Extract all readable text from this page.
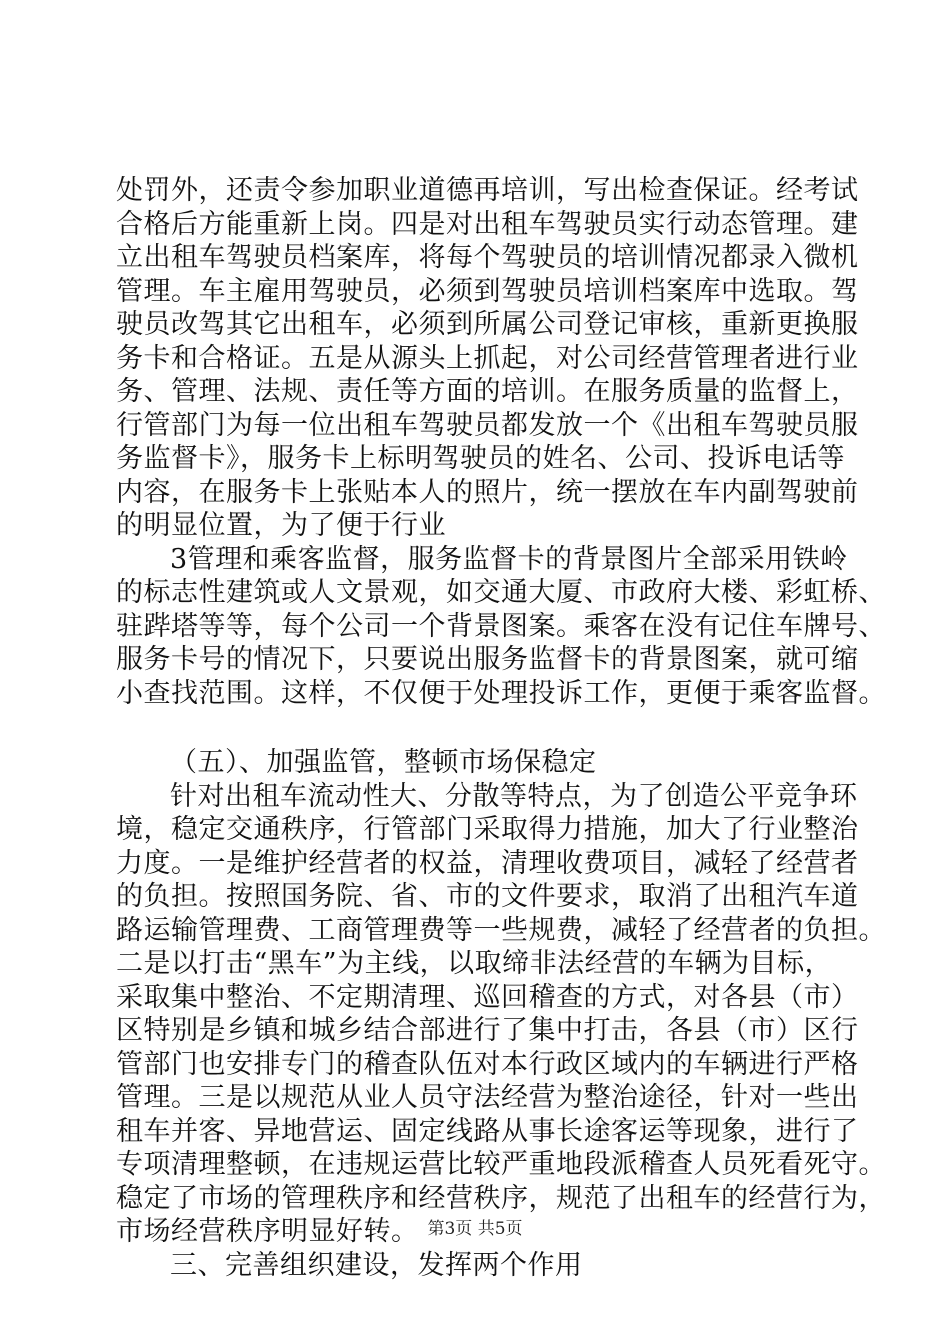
处罚外，还责令参加职业道德再培训，写出检查保证。经考试
合格后方能重新上岗。四是对出租车驾驶员实行动态管理。建
立出租车驾驶员档案库，将每个驾驶员的培训情况都录入微机
管理。车主雇用驾驶员，必须到驾驶员培训档案库中选取。驾
驶员改驾其它出租车，必须到所属公司登记审核，重新更换服
务卡和合格证。五是从源头上抓起，对公司经营管理者进行业
务、管理、法规、责任等方面的培训。在服务质量的监督上，
行管部门为每一位出租车驾驶员都发放一个《出租车驾驶员服
务监督卡》，服务卡上标明驾驶员的姓名、公司、投诉电话等
内容，在服务卡上张贴本人的照片，统一摆放在车内副驾驶前
的明显位置，为了便于行业
3管理和乘客监督，服务监督卡的背景图片全部采用铁岭
的标志性建筑或人文景观，如交通大厦、市政府大楼、彩虹桥、
驻跸塔等等，每个公司一个背景图案。乘客在没有记住车牌号、
服务卡号的情况下，只要说出服务监督卡的背景图案，就可缩
小查找范围。这样，不仅便于处理投诉工作，更便于乘客监督。
（五）、加强监管，整顿市场保稳定
针对出租车流动性大、分散等特点，为了创造公平竞争环
境，稳定交通秩序，行管部门采取得力措施，加大了行业整治
力度。一是维护经营者的权益，清理收费项目，减轻了经营者
的负担。按照国务院、省、市的文件要求，取消了出租汽车道
路运输管理费、工商管理费等一些规费，减轻了经营者的负担。
二是以打击“黑车”为主线，以取缔非法经营的车辆为目标，
采取集中整治、不定期清理、巡回稽查的方式，对各县（市）
区特别是乡镇和城乡结合部进行了集中打击，各县（市）区行
管部门也安排专门的稽查队伍对本行政区域内的车辆进行严格
管理。三是以规范从业人员守法经营为整治途径，针对一些出
租车并客、异地营运、固定线路从事长途客运等现象，进行了
专项清理整顿，在违规运营比较严重地段派稽查人员死看死守。
稳定了市场的管理秩序和经营秩序，规范了出租车的经营行为，
市场经营秩序明显好转。
三、完善组织建设，发挥两个作用
第3页 共5页
